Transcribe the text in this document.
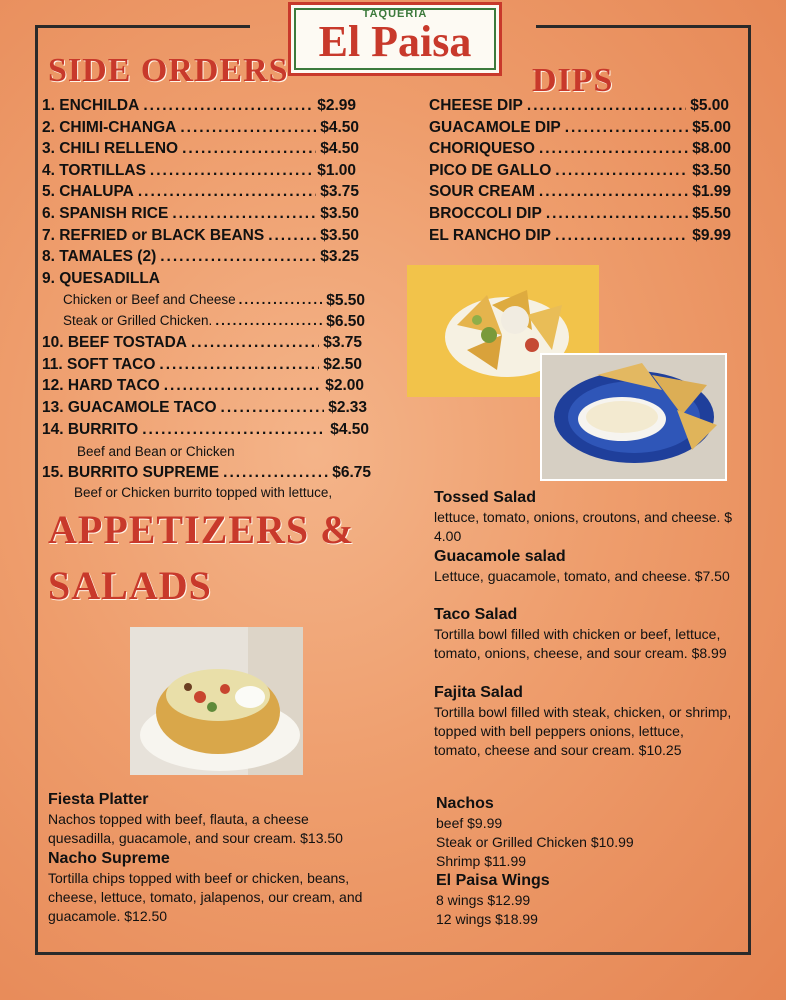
TAQUERIA
El Paisa
SIDE ORDERS	DIPS
1. ENCHILDA .....	$2.99
2. CHIMI-CHANGA .....	$4.50
3. CHILI RELLENO .....	$4.50
4. TORTILLAS .....	$1.00
5. CHALUPA .....	$3.75
6. SPANISH RICE .....	$3.50
7. REFRIED or BLACK BEANS .....	$3.50
8. TAMALES (2) .....	$3.25
9. QUESADILLA
Chicken or Beef and Cheese .....	$5.50
Steak or Grilled Chicken. .....	$6.50
10. BEEF TOSTADA .....	$3.75
11. SOFT TACO .....	$2.50
12. HARD TACO .....	$2.00
13. GUACAMOLE TACO .....	$2.33
14. BURRITO .....	$4.50
Beef and Bean or Chicken
15. BURRITO SUPREME .....	$6.75
Beef or Chicken burrito topped with lettuce,
CHEESE DIP .....	$5.00
GUACAMOLE DIP .....	$5.00
CHORIQUESO .....	$8.00
PICO DE GALLO .....	$3.50
SOUR CREAM .....	$1.99
BROCCOLI DIP .....	$5.50
EL RANCHO DIP .....	$9.99
APPETIZERS &
SALADS
Tossed Salad
lettuce, tomato, onions, croutons, and cheese. $ 4.00
Guacamole salad
Lettuce, guacamole, tomato, and cheese. $7.50
Taco Salad
Tortilla bowl filled with chicken or beef, lettuce, tomato, onions, cheese, and sour cream. $8.99
Fajita Salad
Tortilla bowl filled with steak, chicken, or shrimp, topped with bell peppers onions, lettuce, tomato, cheese and sour cream. $10.25
Fiesta Platter
Nachos topped with beef, flauta, a cheese quesadilla, guacamole, and sour cream. $13.50
Nacho Supreme
Tortilla chips topped with beef or chicken, beans, cheese, lettuce, tomato, jalapenos, our cream, and guacamole. $12.50
Nachos
beef $9.99
Steak or Grilled Chicken $10.99
Shrimp $11.99
El Paisa Wings
8 wings $12.99
12 wings $18.99
